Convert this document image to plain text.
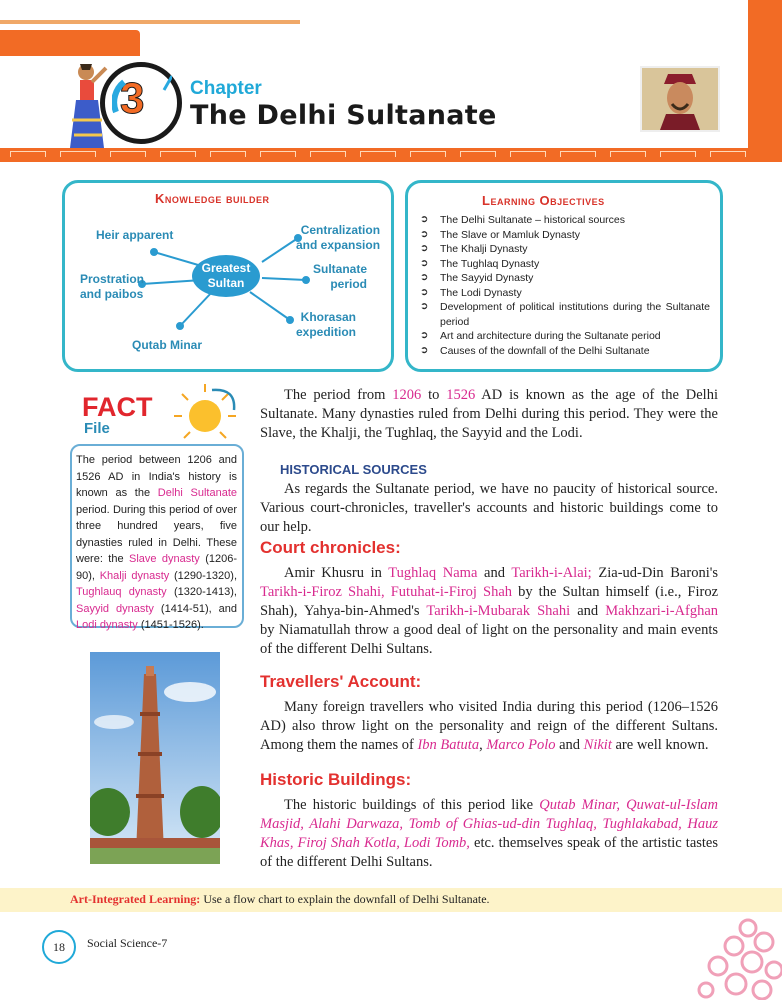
3 Chapter
The Delhi Sultanate
Knowledge builder
Greatest
Sultan
Heir apparent
Prostration
and paibos
Qutab Minar
Centralization
and expansion
Sultanate
period
Khorasan
expedition
Learning Objectives
➲ The Delhi Sultanate – historical sources
➲ The Slave or Mamluk Dynasty
➲ The Khalji Dynasty
➲ The Tughlaq Dynasty
➲ The Sayyid Dynasty
➲ The Lodi Dynasty
➲ Development of political institutions during the Sultanate period
➲ Art and architecture during the Sultanate period
➲ Causes of the downfall of the Delhi Sultanate
FACT
File
The period between 1206 and 1526 AD in India's history is known as the Delhi Sultanate period. During this period of over three hundred years, five dynasties ruled in Delhi. These were: the Slave dynasty (1206-90), Khalji dynasty (1290-1320), Tughlauq dynasty (1320-1413), Sayyid dynasty (1414-51), and Lodi dynasty (1451-1526).
The period from 1206 to 1526 AD is known as the age of the Delhi Sultanate. Many dynasties ruled from Delhi during this period. They were the Slave, the Khalji, the Tughlaq, the Sayyid and the Lodi.
HISTORICAL SOURCES
As regards the Sultanate period, we have no paucity of historical source. Various court-chronicles, traveller's accounts and historic buildings come to our help.
Court chronicles:
Amir Khusru in Tughlaq Nama and Tarikh-i-Alai; Zia-ud-Din Baroni's Tarikh-i-Firoz Shahi, Futuhat-i-Firoj Shah by the Sultan himself (i.e., Firoz Shah), Yahya-bin-Ahmed's Tarikh-i-Mubarak Shahi and Makhzari-i-Afghan by Niamatullah throw a good deal of light on the personality and main events of the different Delhi Sultans.
Travellers' Account:
Many foreign travellers who visited India during this period (1206–1526 AD) also throw light on the personality and reign of the different Sultans. Among them the names of Ibn Batuta, Marco Polo and Nikit are well known.
Historic Buildings:
The historic buildings of this period like Qutab Minar, Quwat-ul-Islam Masjid, Alahi Darwaza, Tomb of Ghias-ud-din Tughlaq, Tughlakabad, Hauz Khas, Firoj Shah Kotla, Lodi Tomb, etc. themselves speak of the artistic tastes of the different Delhi Sultans.
Art-Integrated Learning: Use a flow chart to explain the downfall of Delhi Sultanate.
18	Social Science-7
